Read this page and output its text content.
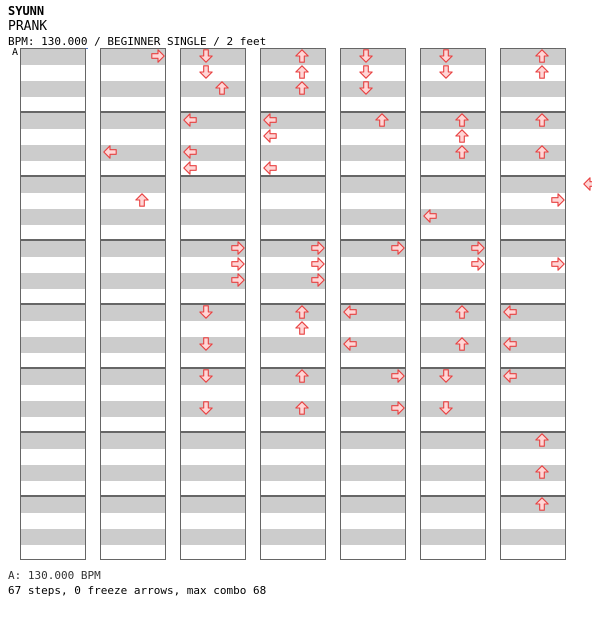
SYUNN
PRANK
BPM: 130.000 / BEGINNER SINGLE / 2 feet
A
A: 130.000 BPM
67 steps, 0 freeze arrows, max combo 68
